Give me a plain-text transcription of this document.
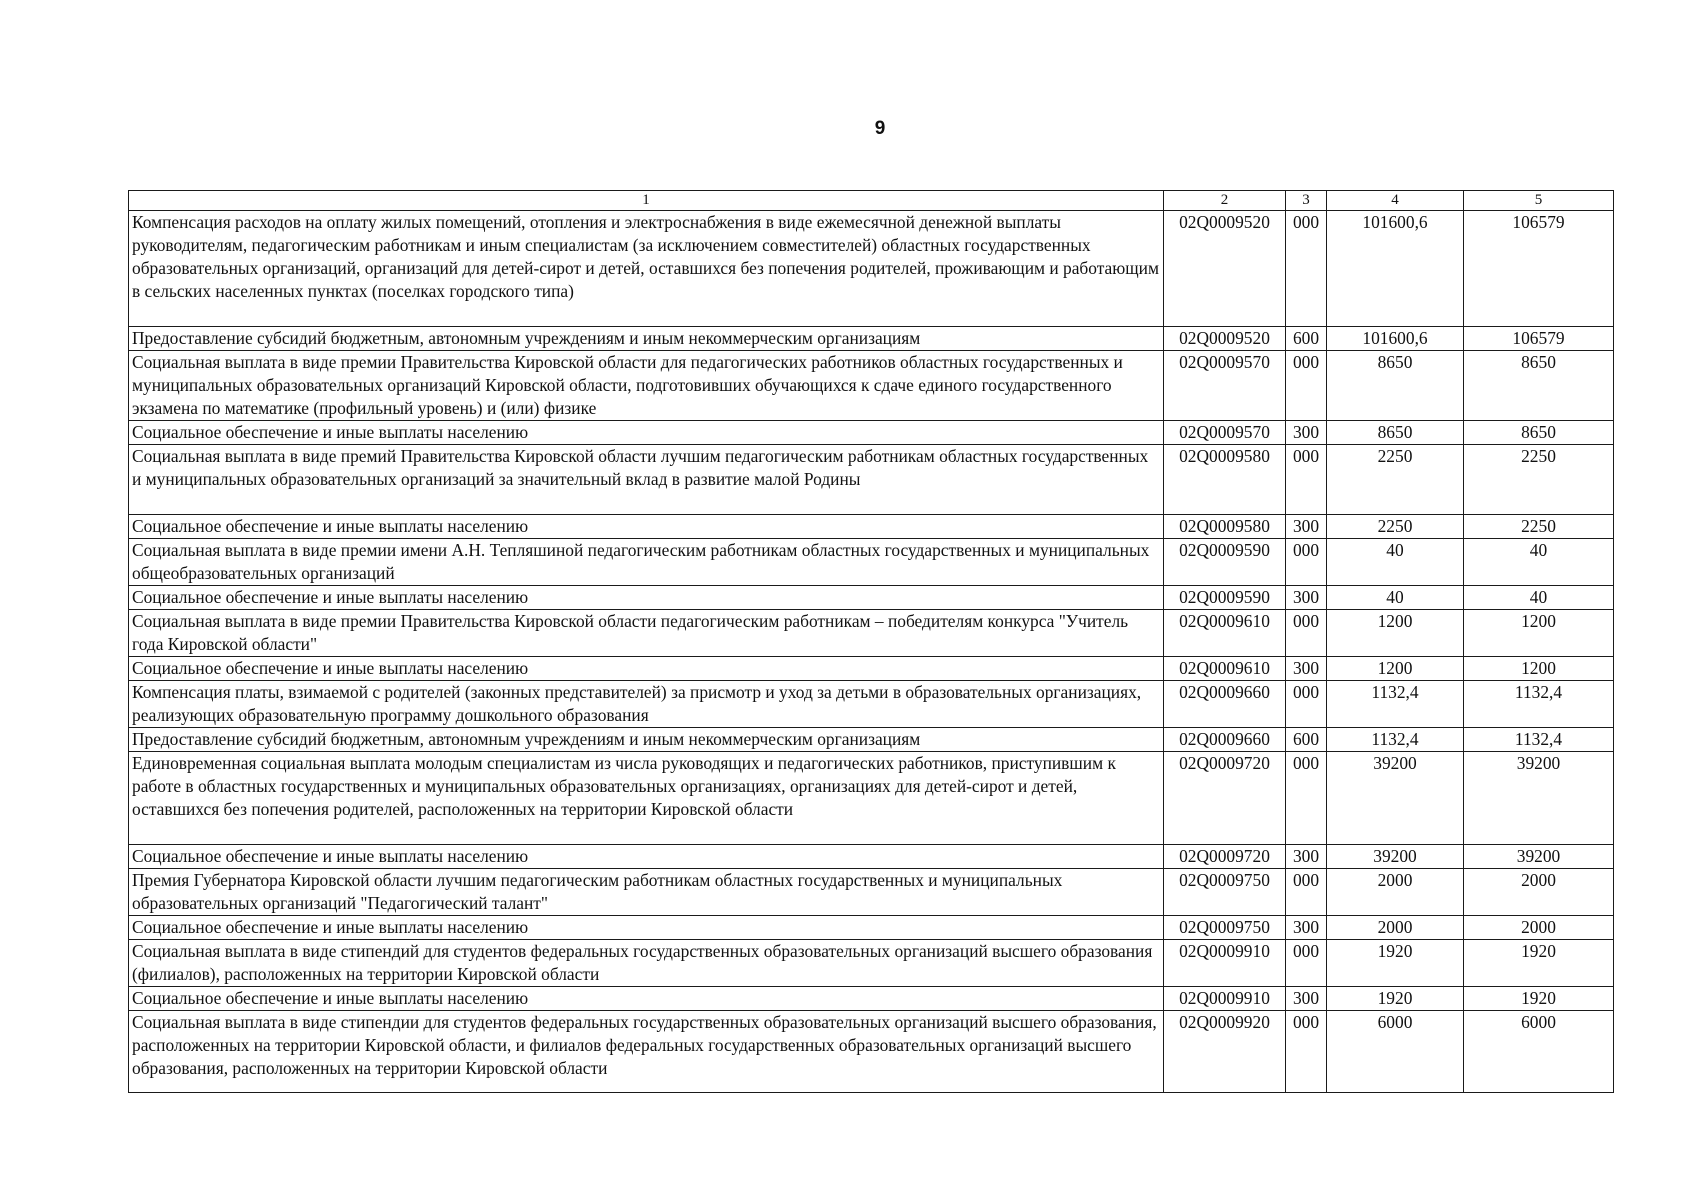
9
1	2	3	4	5
Компенсация расходов на оплату жилых помещений, отопления и электроснабжения в виде ежемесячной денежной выплаты руководителям, педагогическим работникам и иным специалистам (за исключением совместителей) областных государственных образовательных организаций, организаций для детей-сирот и детей, оставшихся без попечения родителей, проживающим и работающим в сельских населенных пунктах (поселках городского типа)	02Q0009520	000	101600,6	106579
Предоставление субсидий бюджетным, автономным учреждениям и иным некоммерческим организациям	02Q0009520	600	101600,6	106579
Социальная выплата в виде премии Правительства Кировской области для педагогических работников областных государственных и муниципальных образовательных организаций Кировской области, подготовивших обучающихся к сдаче единого государственного экзамена по математике (профильный уровень) и (или) физике	02Q0009570	000	8650	8650
Социальное обеспечение и иные выплаты населению	02Q0009570	300	8650	8650
Социальная выплата в виде премий Правительства Кировской области лучшим педагогическим работникам областных государственных и муниципальных образовательных организаций за значительный вклад в развитие малой Родины	02Q0009580	000	2250	2250
Социальное обеспечение и иные выплаты населению	02Q0009580	300	2250	2250
Социальная выплата в виде премии имени А.Н. Тепляшиной педагогическим работникам областных государственных и муниципальных общеобразовательных организаций	02Q0009590	000	40	40
Социальное обеспечение и иные выплаты населению	02Q0009590	300	40	40
Социальная выплата в виде премии Правительства Кировской области педагогическим работникам – победителям конкурса "Учитель года Кировской области"	02Q0009610	000	1200	1200
Социальное обеспечение и иные выплаты населению	02Q0009610	300	1200	1200
Компенсация платы, взимаемой с родителей (законных представителей) за присмотр и уход за детьми в образовательных организациях, реализующих образовательную программу дошкольного образования	02Q0009660	000	1132,4	1132,4
Предоставление субсидий бюджетным, автономным учреждениям и иным некоммерческим организациям	02Q0009660	600	1132,4	1132,4
Единовременная социальная выплата молодым специалистам из числа руководящих и педагогических работников, приступившим к работе в областных государственных и муниципальных образовательных организациях, организациях для детей-сирот и детей, оставшихся без попечения родителей, расположенных на территории Кировской области	02Q0009720	000	39200	39200
Социальное обеспечение и иные выплаты населению	02Q0009720	300	39200	39200
Премия Губернатора Кировской области лучшим педагогическим работникам областных государственных и муниципальных образовательных организаций "Педагогический талант"	02Q0009750	000	2000	2000
Социальное обеспечение и иные выплаты населению	02Q0009750	300	2000	2000
Социальная выплата в виде стипендий для студентов федеральных государственных образовательных организаций высшего образования (филиалов), расположенных на территории Кировской области	02Q0009910	000	1920	1920
Социальное обеспечение и иные выплаты населению	02Q0009910	300	1920	1920
Социальная выплата в виде стипендии для студентов федеральных государственных образовательных организаций высшего образования, расположенных на территории Кировской области, и филиалов федеральных государственных образовательных организаций высшего образования, расположенных на территории Кировской области	02Q0009920	000	6000	6000
